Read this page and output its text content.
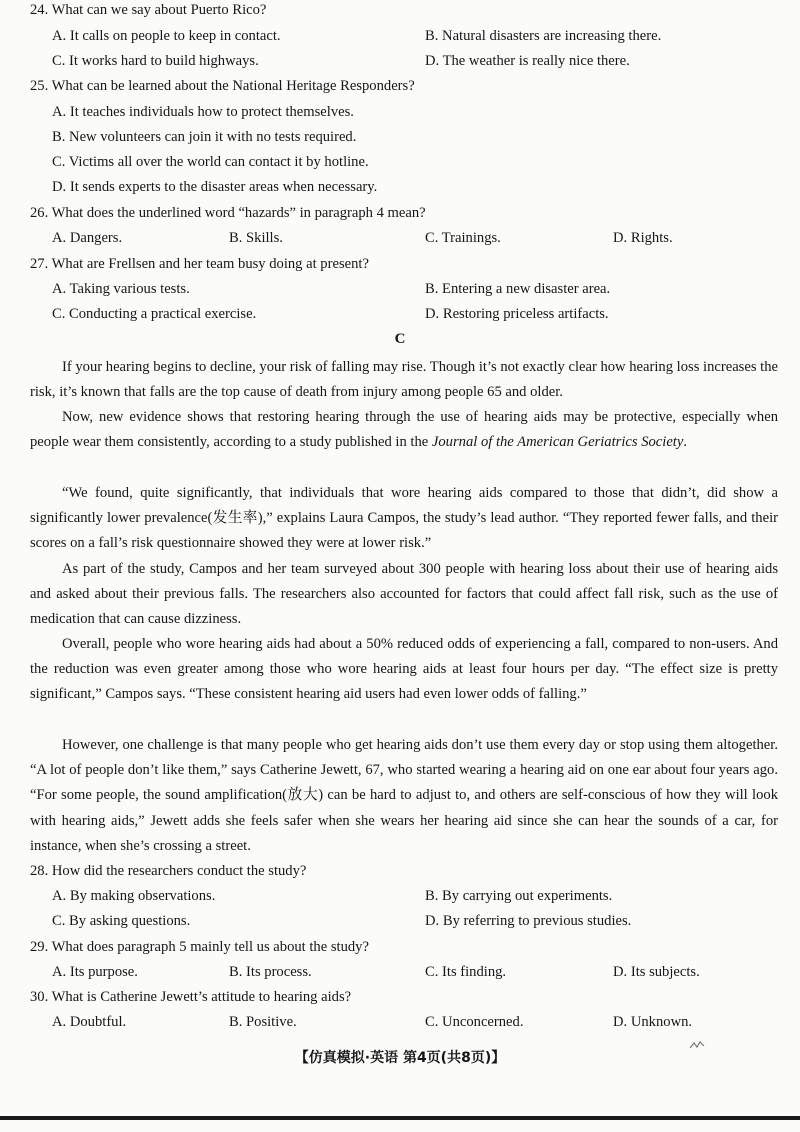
24. What can we say about Puerto Rico?
A. It calls on people to keep in contact.	B. Natural disasters are increasing there.
C. It works hard to build highways.	D. The weather is really nice there.
25. What can be learned about the National Heritage Responders?
A. It teaches individuals how to protect themselves.
B. New volunteers can join it with no tests required.
C. Victims all over the world can contact it by hotline.
D. It sends experts to the disaster areas when necessary.
26. What does the underlined word “hazards” in paragraph 4 mean?
A. Dangers.	B. Skills.	C. Trainings.	D. Rights.
27. What are Frellsen and her team busy doing at present?
A. Taking various tests.	B. Entering a new disaster area.
C. Conducting a practical exercise.	D. Restoring priceless artifacts.
C

If your hearing begins to decline, your risk of falling may rise. Though it’s not exactly clear how hearing loss increases the risk, it’s known that falls are the top cause of death from injury among people 65 and older.

Now, new evidence shows that restoring hearing through the use of hearing aids may be protective, especially when people wear them consistently, according to a study published in the Journal of the American Geriatrics Society.

“We found, quite significantly, that individuals that wore hearing aids compared to those that didn’t, did show a significantly lower prevalence(发生率),” explains Laura Campos, the study’s lead author. “They reported fewer falls, and their scores on a fall’s risk questionnaire showed they were at lower risk.”

As part of the study, Campos and her team surveyed about 300 people with hearing loss about their use of hearing aids and asked about their previous falls. The researchers also accounted for factors that could affect fall risk, such as the use of medication that can cause dizziness.

Overall, people who wore hearing aids had about a 50% reduced odds of experiencing a fall, compared to non-users. And the reduction was even greater among those who wore hearing aids at least four hours per day. “The effect size is pretty significant,” Campos says. “These consistent hearing aid users had even lower odds of falling.”

However, one challenge is that many people who get hearing aids don’t use them every day or stop using them altogether. “A lot of people don’t like them,” says Catherine Jewett, 67, who started wearing a hearing aid on one ear about four years ago. “For some people, the sound amplification(放大) can be hard to adjust to, and others are self-conscious of how they will look with hearing aids,” Jewett adds she feels safer when she wears her hearing aid since she can hear the sounds of a car, for instance, when she’s crossing a street.

28. How did the researchers conduct the study?
A. By making observations.	B. By carrying out experiments.
C. By asking questions.	D. By referring to previous studies.
29. What does paragraph 5 mainly tell us about the study?
A. Its purpose.	B. Its process.	C. Its finding.	D. Its subjects.
30. What is Catherine Jewett’s attitude to hearing aids?
A. Doubtful.	B. Positive.	C. Unconcerned.	D. Unknown.
【仿真模拟·英语 第4页(共8页)】
